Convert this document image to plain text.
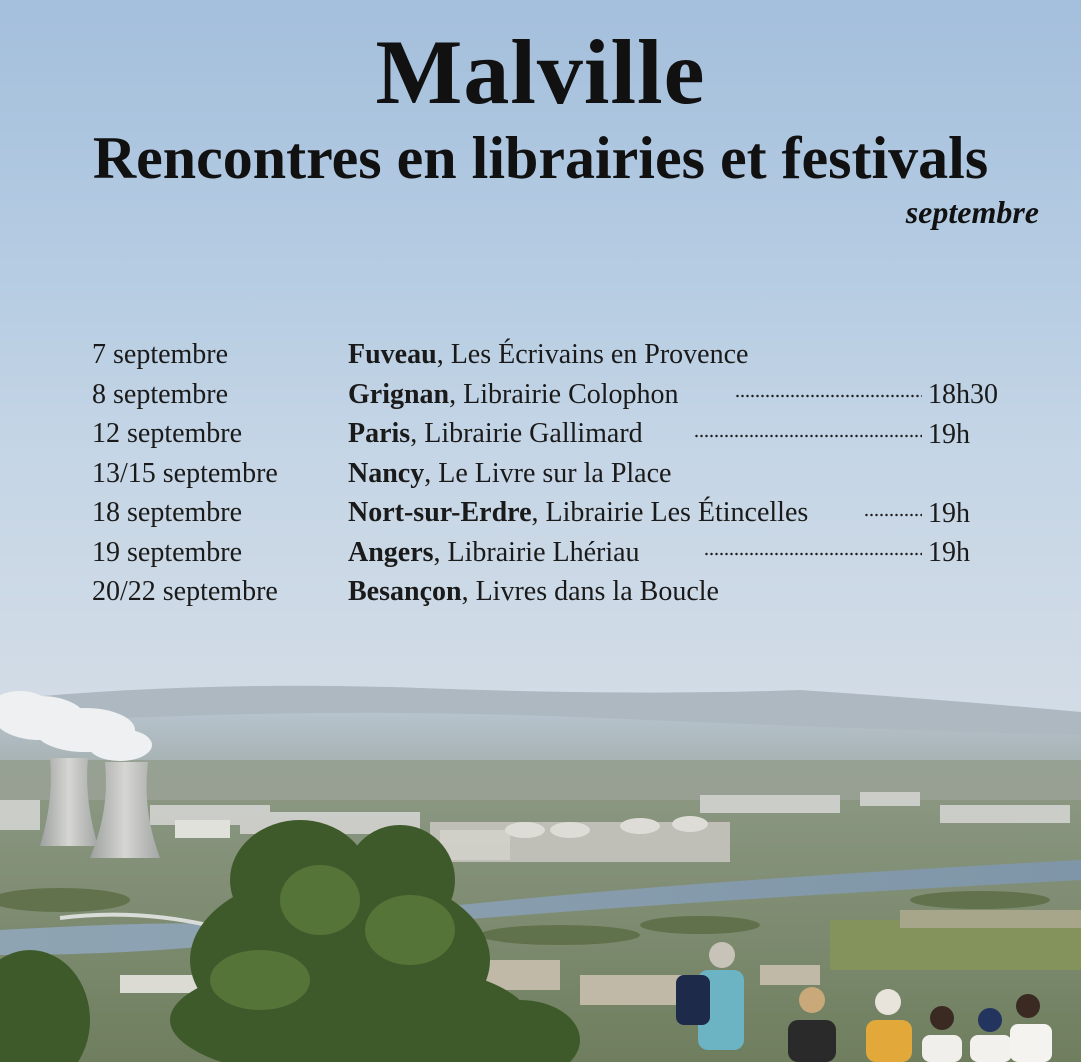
Malville
Rencontres en librairies et festivals
septembre
7 septembre	Fuveau, Les Écrivains en Provence
8 septembre	Grignan, Librairie Colophon	18h30
12 septembre	Paris, Librairie Gallimard	19h
13/15 septembre	Nancy, Le Livre sur la Place
18 septembre	Nort-sur-Erdre, Librairie Les Étincelles	19h
19 septembre	Angers, Librairie Lhériau	19h
20/22 septembre	Besançon, Livres dans la Boucle
